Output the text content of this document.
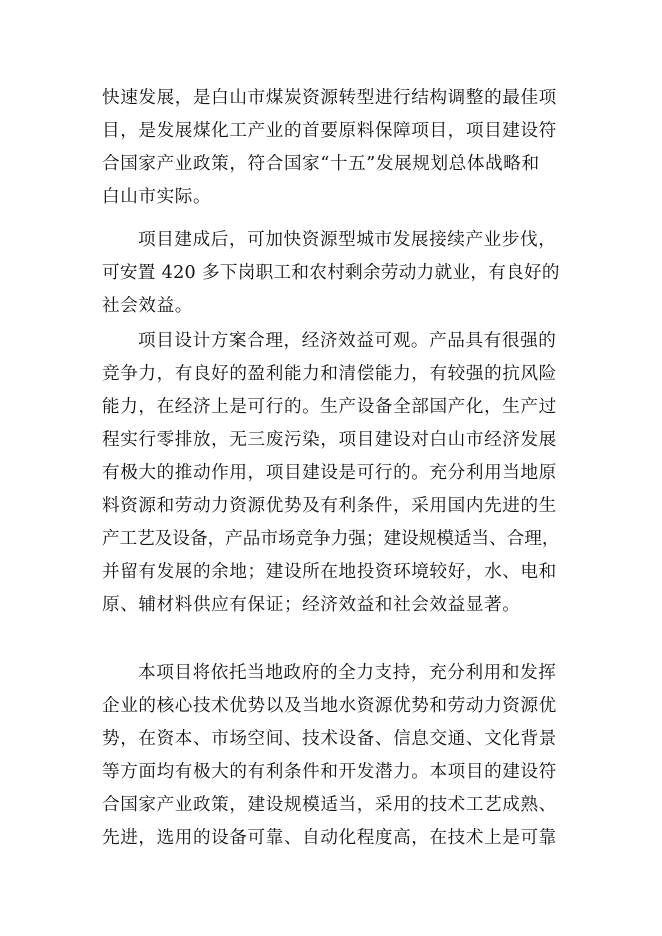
快速发展，是白山市煤炭资源转型进行结构调整的最佳项

目，是发展煤化工产业的首要原料保障项目，项目建设符

合国家产业政策，符合国家“十五”发展规划总体战略和

白山市实际。

项目建成后，可加快资源型城市发展接续产业步伐，

可安置 420 多下岗职工和农村剩余劳动力就业，有良好的

社会效益。

项目设计方案合理，经济效益可观。产品具有很强的

竞争力，有良好的盈利能力和清偿能力，有较强的抗风险

能力，在经济上是可行的。生产设备全部国产化，生产过

程实行零排放，无三废污染，项目建设对白山市经济发展

有极大的推动作用，项目建设是可行的。充分利用当地原

料资源和劳动力资源优势及有利条件，采用国内先进的生

产工艺及设备，产品市场竞争力强；建设规模适当、合理，

并留有发展的余地；建设所在地投资环境较好，水、电和

原、辅材料供应有保证；经济效益和社会效益显著。

本项目将依托当地政府的全力支持，充分利用和发挥

企业的核心技术优势以及当地水资源优势和劳动力资源优

势，在资本、市场空间、技术设备、信息交通、文化背景

等方面均有极大的有利条件和开发潜力。本项目的建设符

合国家产业政策，建设规模适当，采用的技术工艺成熟、

先进，选用的设备可靠、自动化程度高，在技术上是可靠
